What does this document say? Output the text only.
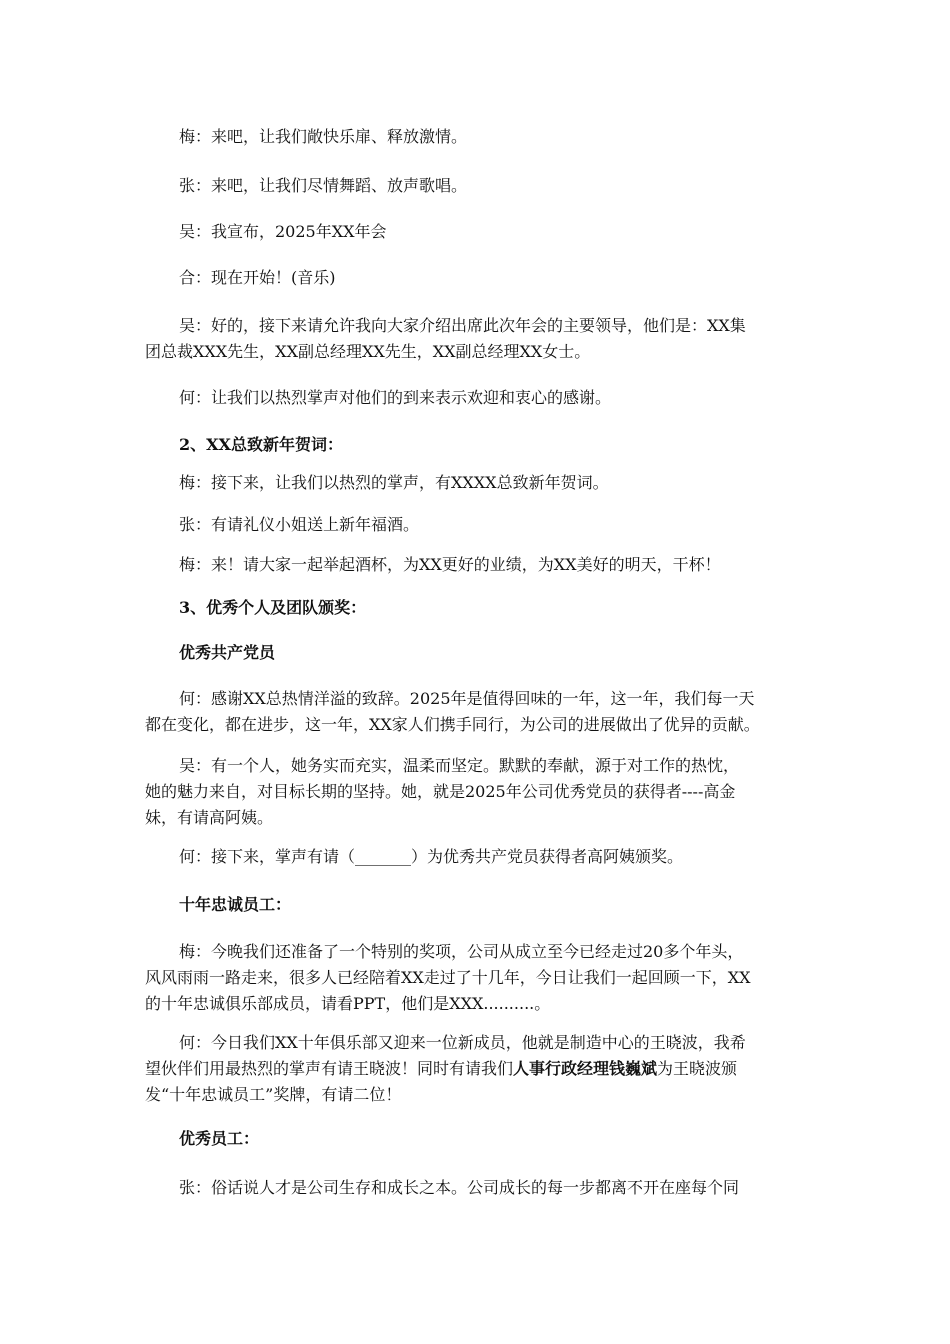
梅：来吧，让我们敞快乐扉、释放激情。

张：来吧，让我们尽情舞蹈、放声歌唱。

吴：我宣布，2025年XX年会

合：现在开始！(音乐)

吴：好的，接下来请允许我向大家介绍出席此次年会的主要领导，他们是：XX集

团总裁XXX先生，XX副总经理XX先生，XX副总经理XX女士。

何：让我们以热烈掌声对他们的到来表示欢迎和衷心的感谢。

2、XX总致新年贺词：

梅：接下来，让我们以热烈的掌声，有XXXX总致新年贺词。

张：有请礼仪小姐送上新年福酒。

梅：来！请大家一起举起酒杯，为XX更好的业绩，为XX美好的明天，干杯！

3、优秀个人及团队颁奖：

优秀共产党员

何：感谢XX总热情洋溢的致辞。2025年是值得回味的一年，这一年，我们每一天

都在变化，都在进步，这一年，XX家人们携手同行，为公司的进展做出了优异的贡献。

吴：有一个人，她务实而充实，温柔而坚定。默默的奉献，源于对工作的热忱，

她的魅力来自，对目标长期的坚持。她，就是2025年公司优秀党员的获得者----高金

妹，有请高阿姨。

何：接下来，掌声有请（_______）为优秀共产党员获得者高阿姨颁奖。

十年忠诚员工：

梅：今晚我们还准备了一个特别的奖项，公司从成立至今已经走过20多个年头，

风风雨雨一路走来，很多人已经陪着XX走过了十几年，今日让我们一起回顾一下，XX

的十年忠诚俱乐部成员，请看PPT，他们是XXX..........。

何：今日我们XX十年俱乐部又迎来一位新成员，他就是制造中心的王晓波，我希

望伙伴们用最热烈的掌声有请王晓波！同时有请我们人事行政经理钱巍斌为王晓波颁

发“十年忠诚员工”奖牌，有请二位！

优秀员工：

张：俗话说人才是公司生存和成长之本。公司成长的每一步都离不开在座每个同
